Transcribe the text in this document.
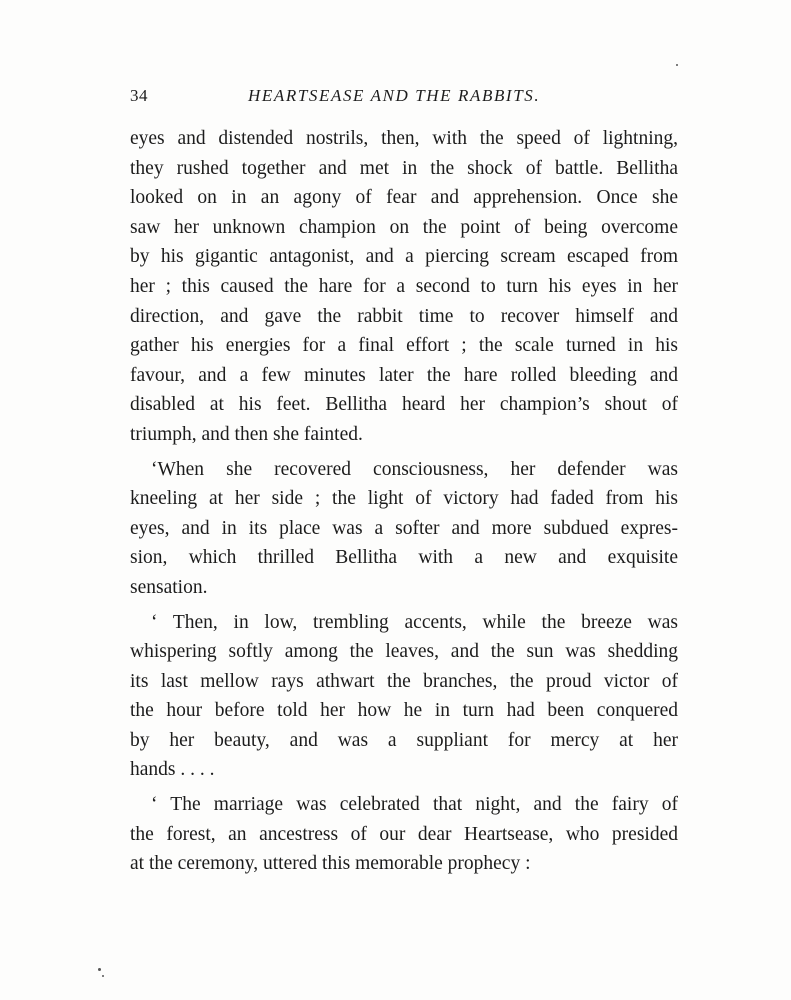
34	HEARTSEASE AND THE RABBITS.
eyes and distended nostrils, then, with the speed of lightning,
they rushed together and met in the shock of battle. Bellitha
looked on in an agony of fear and apprehension. Once she
saw her unknown champion on the point of being overcome
by his gigantic antagonist, and a piercing scream escaped from
her ; this caused the hare for a second to turn his eyes in her
direction, and gave the rabbit time to recover himself and
gather his energies for a final effort ; the scale turned in his
favour, and a few minutes later the hare rolled bleeding and
disabled at his feet. Bellitha heard her champion’s shout of
triumph, and then she fainted.
‘When she recovered consciousness, her defender was
kneeling at her side ; the light of victory had faded from his
eyes, and in its place was a softer and more subdued expres-
sion, which thrilled Bellitha with a new and exquisite
sensation.
‘ Then, in low, trembling accents, while the breeze was
whispering softly among the leaves, and the sun was shedding
its last mellow rays athwart the branches, the proud victor of
the hour before told her how he in turn had been conquered
by her beauty, and was a suppliant for mercy at her
hands . . . .
‘ The marriage was celebrated that night, and the fairy of
the forest, an ancestress of our dear Heartsease, who presided
at the ceremony, uttered this memorable prophecy :
